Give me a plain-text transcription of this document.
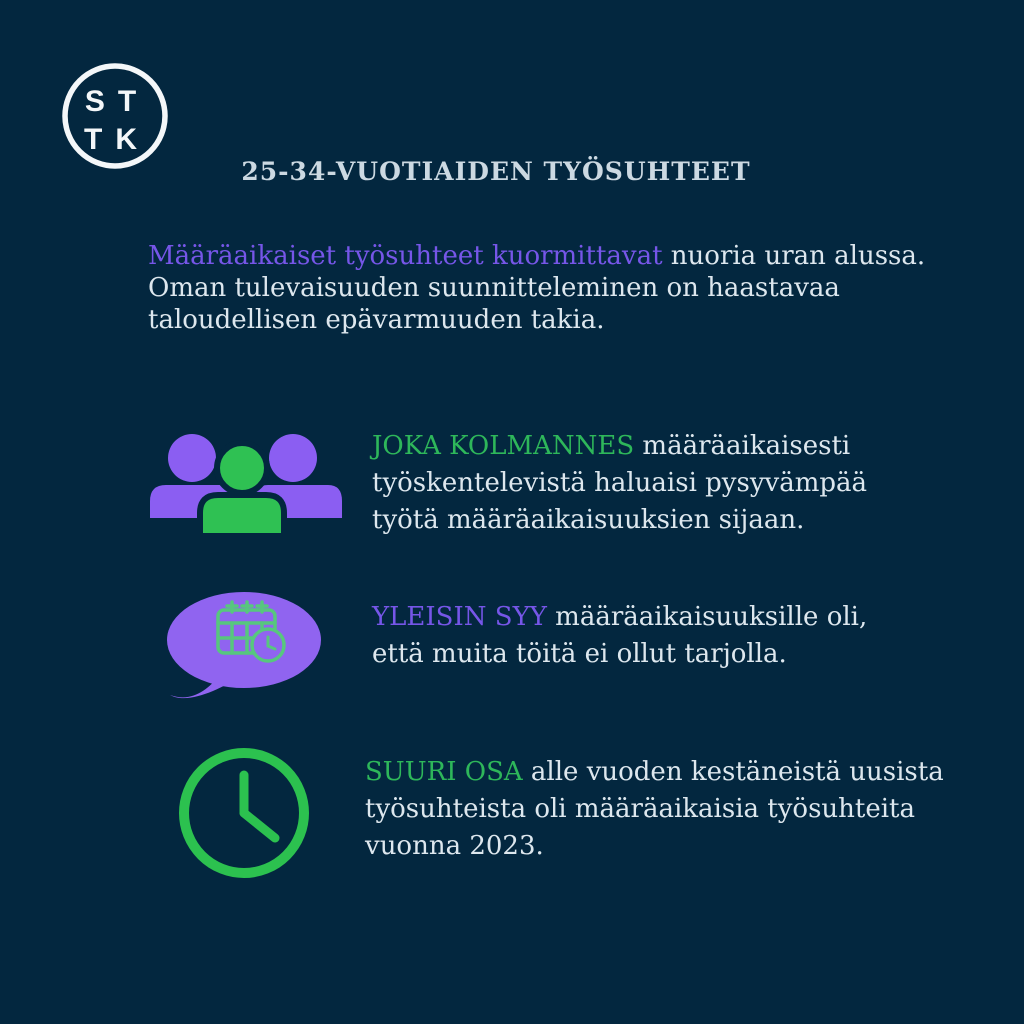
ST
TK
25-34-VUOTIAIDEN TYÖSUHTEET

Määräaikaiset työsuhteet kuormittavat nuoria uran alussa.
Oman tulevaisuuden suunnitteleminen on haastavaa
taloudellisen epävarmuuden takia.

JOKA KOLMANNES määräaikaisesti
työskentelevistä haluaisi pysyvämpää
työtä määräaikaisuuksien sijaan.
YLEISIN SYY määräaikaisuuksille oli,
että muita töitä ei ollut tarjolla.
SUURI OSA alle vuoden kestäneistä uusista
työsuhteista oli määräaikaisia työsuhteita
vuonna 2023.
